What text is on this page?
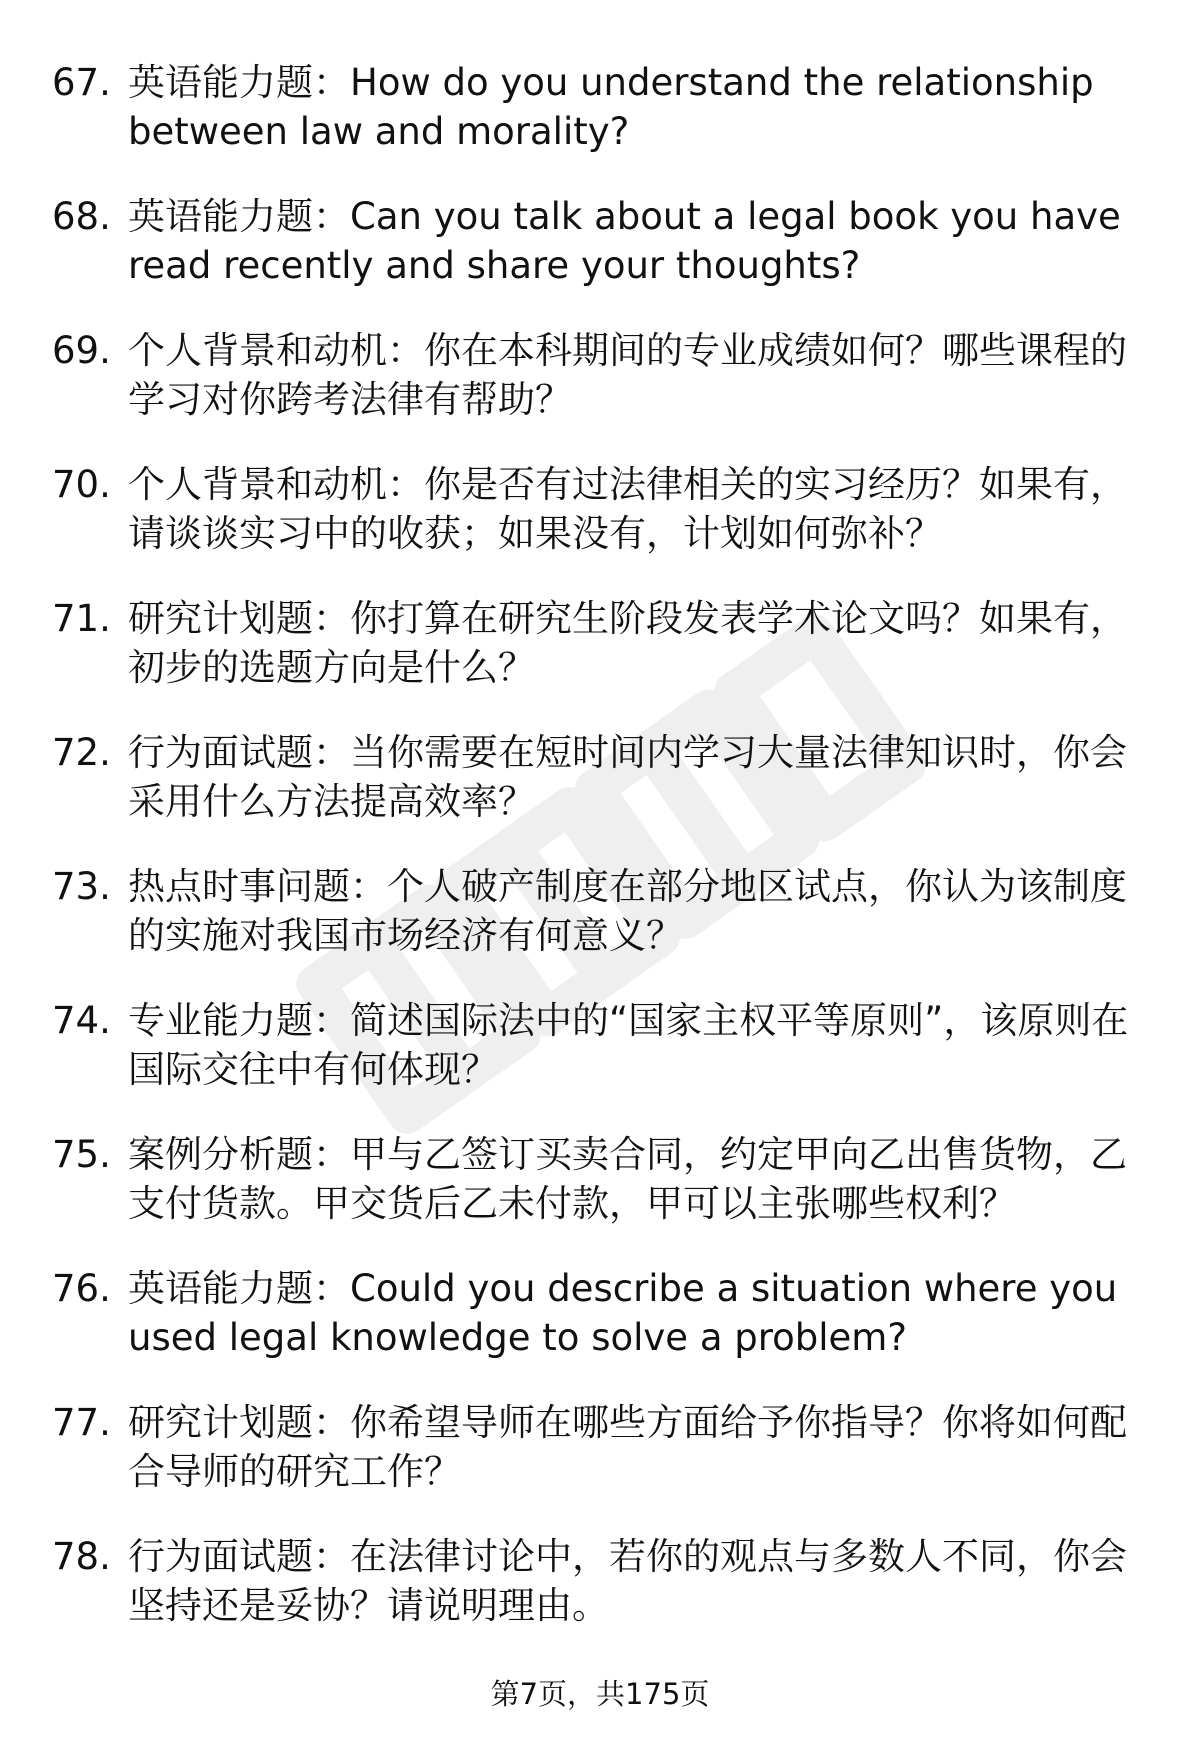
67. 英语能力题：How do you understand the relationship between law and morality?
68. 英语能力题：Can you talk about a legal book you have read recently and share your thoughts?
69. 个人背景和动机：你在本科期间的专业成绩如何？哪些课程的学习对你跨考法律有帮助？
70. 个人背景和动机：你是否有过法律相关的实习经历？如果有，请谈谈实习中的收获；如果没有，计划如何弥补？
71. 研究计划题：你打算在研究生阶段发表学术论文吗？如果有，初步的选题方向是什么？
72. 行为面试题：当你需要在短时间内学习大量法律知识时，你会采用什么方法提高效率？
73. 热点时事问题：个人破产制度在部分地区试点，你认为该制度的实施对我国市场经济有何意义？
74. 专业能力题：简述国际法中的“国家主权平等原则”，该原则在国际交往中有何体现？
75. 案例分析题：甲与乙签订买卖合同，约定甲向乙出售货物，乙支付货款。甲交货后乙未付款，甲可以主张哪些权利？
76. 英语能力题：Could you describe a situation where you used legal knowledge to solve a problem?
77. 研究计划题：你希望导师在哪些方面给予你指导？你将如何配合导师的研究工作？
78. 行为面试题：在法律讨论中，若你的观点与多数人不同，你会坚持还是妥协？请说明理由。
第7页，共175页
